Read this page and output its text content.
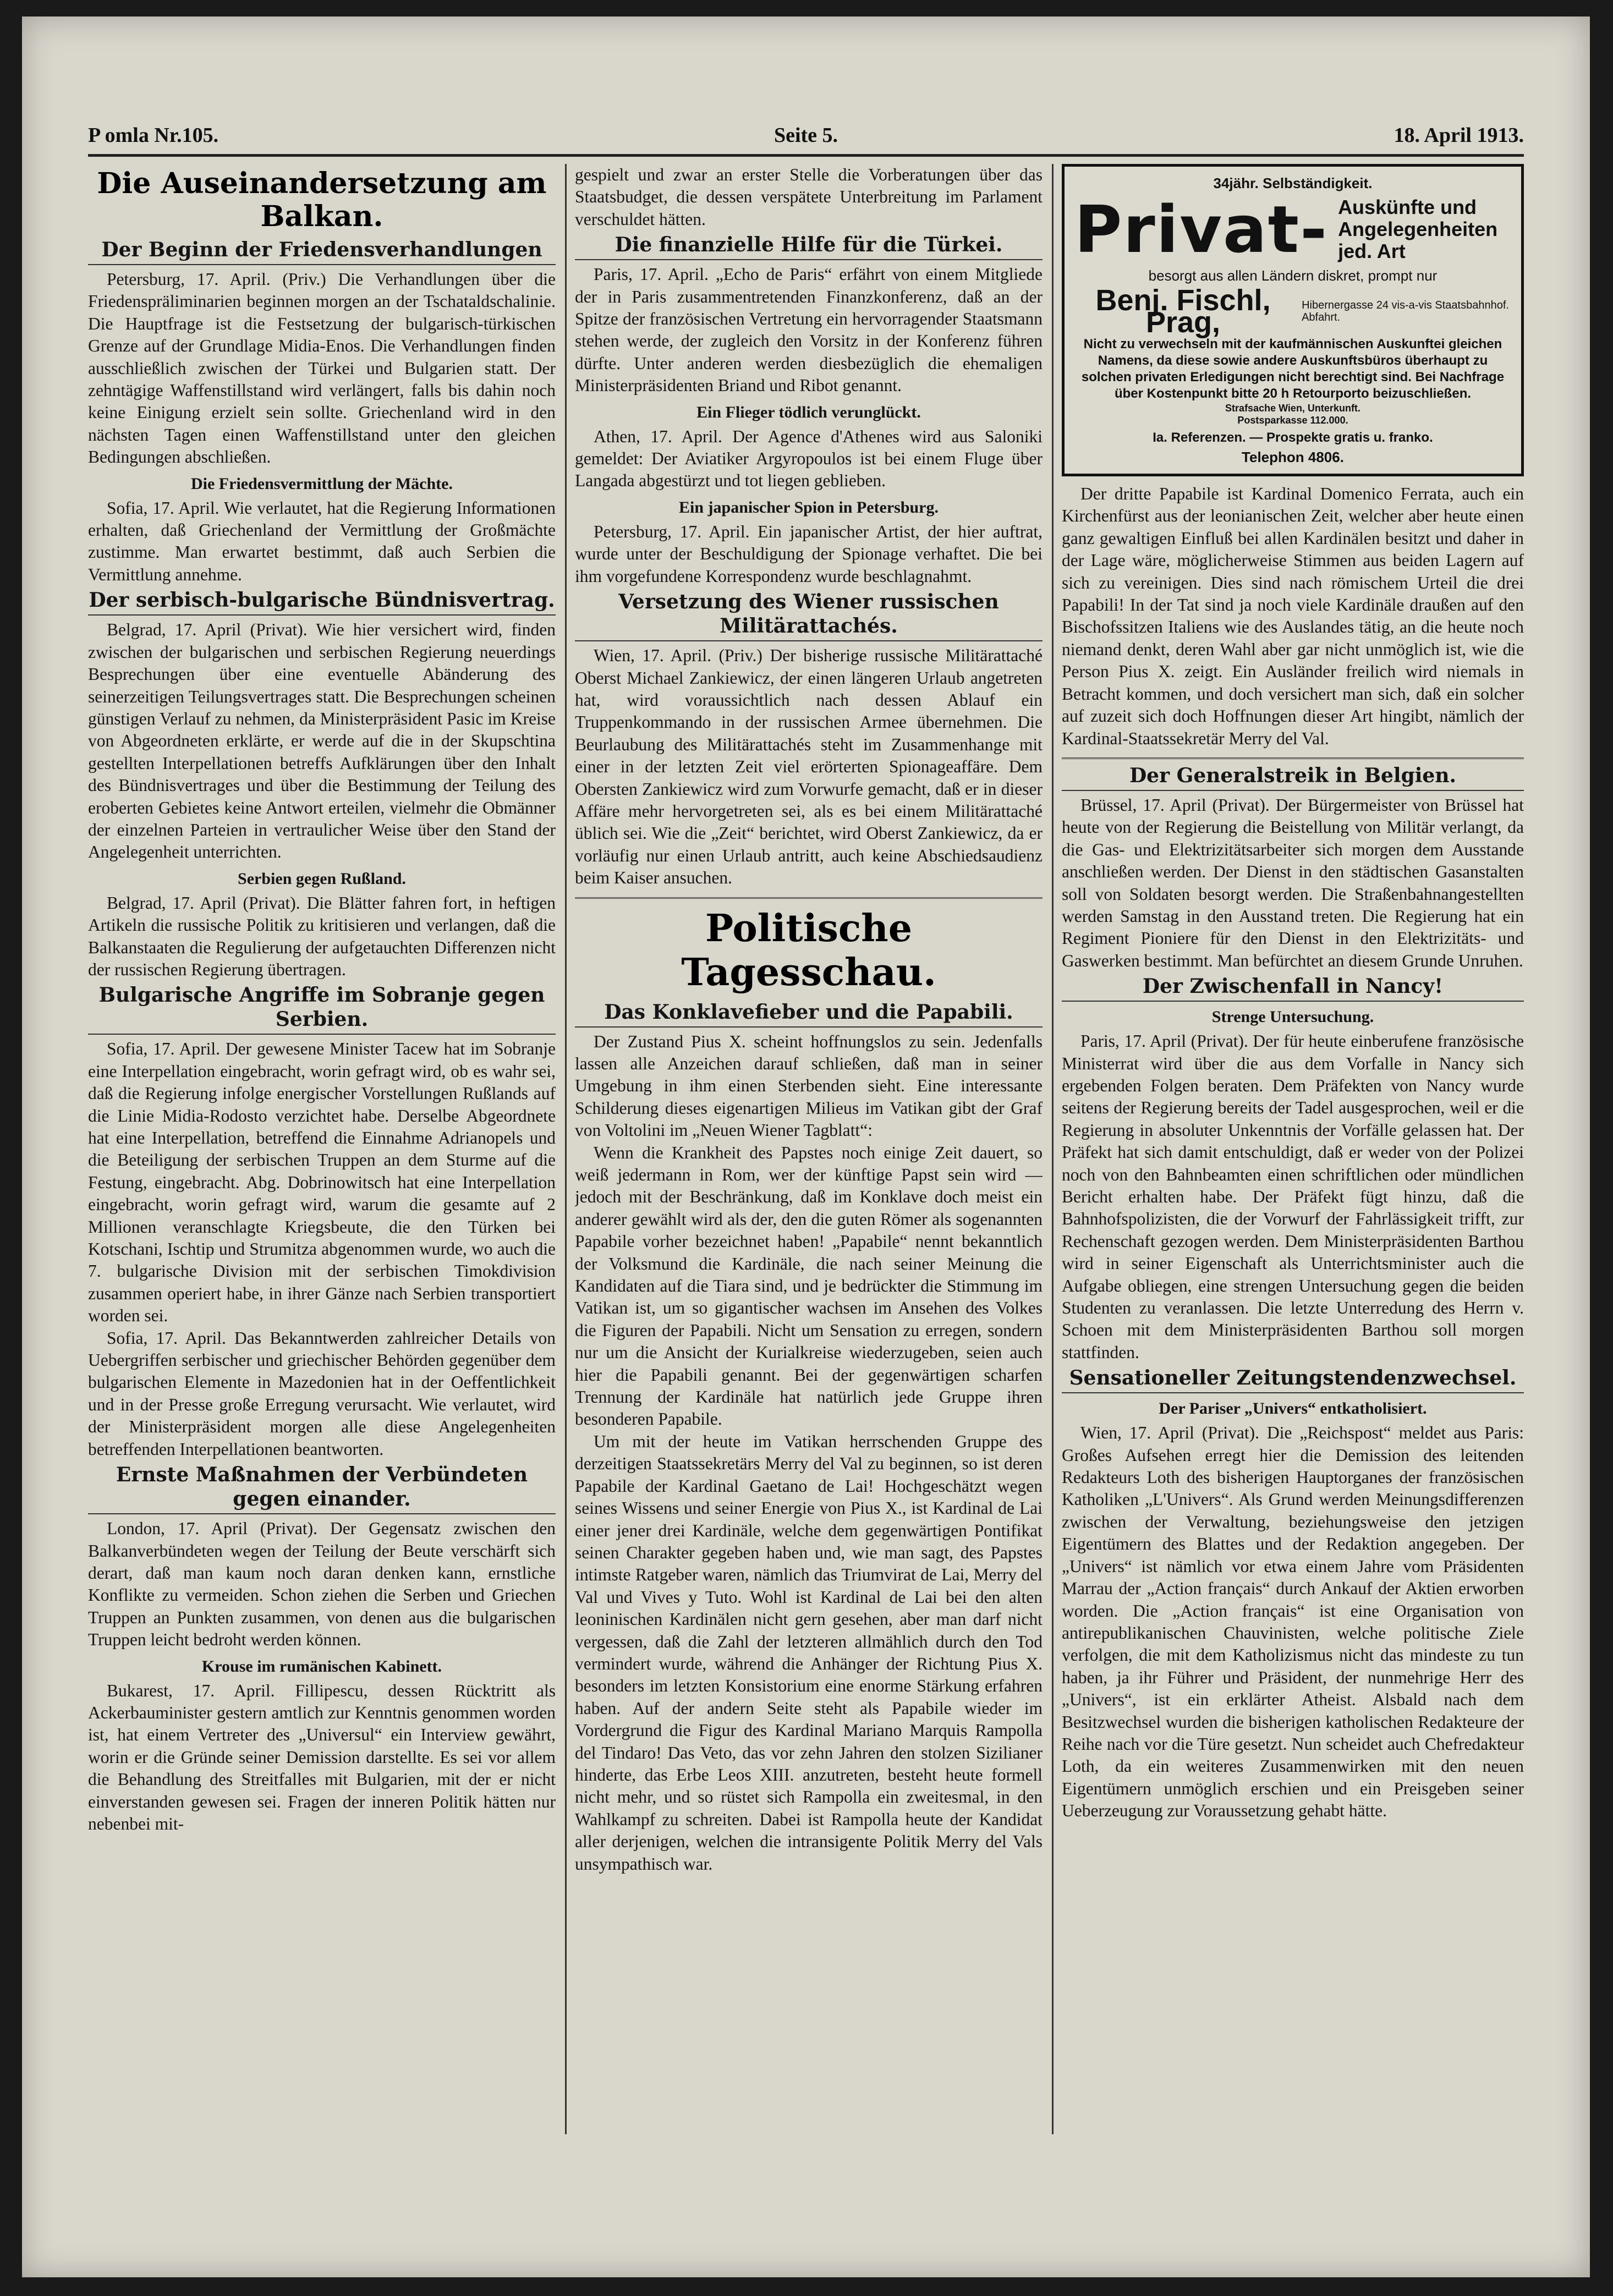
P omla Nr.105.	Seite 5.	18. April 1913.
Die Auseinandersetzung am Balkan.
Der Beginn der Friedensverhandlungen

Petersburg, 17. April. (Priv.) Die Verhandlungen über die Friedenspräliminarien beginnen morgen an der Tschataldschalinie. Die Hauptfrage ist die Festsetzung der bulgarisch-türkischen Grenze auf der Grundlage Midia-Enos. Die Verhandlungen finden ausschließlich zwischen der Türkei und Bulgarien statt. Der zehntägige Waffenstillstand wird verlängert, falls bis dahin noch keine Einigung erzielt sein sollte. Griechenland wird in den nächsten Tagen einen Waffenstillstand unter den gleichen Bedingungen abschließen.

Die Friedensvermittlung der Mächte.

Sofia, 17. April. Wie verlautet, hat die Regierung Informationen erhalten, daß Griechenland der Vermittlung der Großmächte zustimme. Man erwartet bestimmt, daß auch Serbien die Vermittlung annehme.

Der serbisch-bulgarische Bündnisvertrag.

Belgrad, 17. April (Privat). Wie hier versichert wird, finden zwischen der bulgarischen und serbischen Regierung neuerdings Besprechungen über eine eventuelle Abänderung des seinerzeitigen Teilungsvertrages statt. Die Besprechungen scheinen günstigen Verlauf zu nehmen, da Ministerpräsident Pasic im Kreise von Abgeordneten erklärte, er werde auf die in der Skupschtina gestellten Interpellationen betreffs Aufklärungen über den Inhalt des Bündnisvertrages und über die Bestimmung der Teilung des eroberten Gebietes keine Antwort erteilen, vielmehr die Obmänner der einzelnen Parteien in vertraulicher Weise über den Stand der Angelegenheit unterrichten.

Serbien gegen Rußland.

Belgrad, 17. April (Privat). Die Blätter fahren fort, in heftigen Artikeln die russische Politik zu kritisieren und verlangen, daß die Balkanstaaten die Regulierung der aufgetauchten Differenzen nicht der russischen Regierung übertragen.

Bulgarische Angriffe im Sobranje gegen Serbien.

Sofia, 17. April. Der gewesene Minister Tacew hat im Sobranje eine Interpellation eingebracht, worin gefragt wird, ob es wahr sei, daß die Regierung infolge energischer Vorstellungen Rußlands auf die Linie Midia-Rodosto verzichtet habe. Derselbe Abgeordnete hat eine Interpellation, betreffend die Einnahme Adrianopels und die Beteiligung der serbischen Truppen an dem Sturme auf die Festung, eingebracht. Abg. Dobrinowitsch hat eine Interpellation eingebracht, worin gefragt wird, warum die gesamte auf 2 Millionen veranschlagte Kriegsbeute, die den Türken bei Kotschani, Ischtip und Strumitza abgenommen wurde, wo auch die 7. bulgarische Division mit der serbischen Timokdivision zusammen operiert habe, in ihrer Gänze nach Serbien transportiert worden sei.

Sofia, 17. April. Das Bekanntwerden zahlreicher Details von Uebergriffen serbischer und griechischer Behörden gegenüber dem bulgarischen Elemente in Mazedonien hat in der Oeffentlichkeit und in der Presse große Erregung verursacht. Wie verlautet, wird der Ministerpräsident morgen alle diese Angelegenheiten betreffenden Interpellationen beantworten.

Ernste Maßnahmen der Verbündeten gegen einander.

London, 17. April (Privat). Der Gegensatz zwischen den Balkanverbündeten wegen der Teilung der Beute verschärft sich derart, daß man kaum noch daran denken kann, ernstliche Konflikte zu vermeiden. Schon ziehen die Serben und Griechen Truppen an Punkten zusammen, von denen aus die bulgarischen Truppen leicht bedroht werden können.

Krouse im rumänischen Kabinett.

Bukarest, 17. April. Fillipescu, dessen Rücktritt als Ackerbauminister gestern amtlich zur Kenntnis genommen worden ist, hat einem Vertreter des „Universul“ ein Interview gewährt, worin er die Gründe seiner Demission darstellte. Es sei vor allem die Behandlung des Streitfalles mit Bulgarien, mit der er nicht einverstanden gewesen sei. Fragen der inneren Politik hätten nur nebenbei mit-

gespielt und zwar an erster Stelle die Vorberatungen über das Staatsbudget, die dessen verspätete Unterbreitung im Parlament verschuldet hätten.

Die finanzielle Hilfe für die Türkei.

Paris, 17. April. „Echo de Paris“ erfährt von einem Mitgliede der in Paris zusammentretenden Finanzkonferenz, daß an der Spitze der französischen Vertretung ein hervorragender Staatsmann stehen werde, der zugleich den Vorsitz in der Konferenz führen dürfte. Unter anderen werden diesbezüglich die ehemaligen Ministerpräsidenten Briand und Ribot genannt.

Ein Flieger tödlich verunglückt.

Athen, 17. April. Der Agence d'Athenes wird aus Saloniki gemeldet: Der Aviatiker Argyropoulos ist bei einem Fluge über Langada abgestürzt und tot liegen geblieben.

Ein japanischer Spion in Petersburg.

Petersburg, 17. April. Ein japanischer Artist, der hier auftrat, wurde unter der Beschuldigung der Spionage verhaftet. Die bei ihm vorgefundene Korrespondenz wurde beschlagnahmt.

Versetzung des Wiener russischen Militärattachés.

Wien, 17. April. (Priv.) Der bisherige russische Militärattaché Oberst Michael Zankiewicz, der einen längeren Urlaub angetreten hat, wird voraussichtlich nach dessen Ablauf ein Truppenkommando in der russischen Armee übernehmen. Die Beurlaubung des Militärattachés steht im Zusammenhange mit einer in der letzten Zeit viel erörterten Spionageaffäre. Dem Obersten Zankiewicz wird zum Vorwurfe gemacht, daß er in dieser Affäre mehr hervorgetreten sei, als es bei einem Militärattaché üblich sei. Wie die „Zeit“ berichtet, wird Oberst Zankiewicz, da er vorläufig nur einen Urlaub antritt, auch keine Abschiedsaudienz beim Kaiser ansuchen.

Politische Tagesschau.
Das Konklavefieber und die Papabili.

Der Zustand Pius X. scheint hoffnungslos zu sein. Jedenfalls lassen alle Anzeichen darauf schließen, daß man in seiner Umgebung in ihm einen Sterbenden sieht. Eine interessante Schilderung dieses eigenartigen Milieus im Vatikan gibt der Graf von Voltolini im „Neuen Wiener Tagblatt“:

Wenn die Krankheit des Papstes noch einige Zeit dauert, so weiß jedermann in Rom, wer der künftige Papst sein wird — jedoch mit der Beschränkung, daß im Konklave doch meist ein anderer gewählt wird als der, den die guten Römer als sogenannten Papabile vorher bezeichnet haben! „Papabile“ nennt bekanntlich der Volksmund die Kardinäle, die nach seiner Meinung die Kandidaten auf die Tiara sind, und je bedrückter die Stimmung im Vatikan ist, um so gigantischer wachsen im Ansehen des Volkes die Figuren der Papabili. Nicht um Sensation zu erregen, sondern nur um die Ansicht der Kurialkreise wiederzugeben, seien auch hier die Papabili genannt. Bei der gegenwärtigen scharfen Trennung der Kardinäle hat natürlich jede Gruppe ihren besonderen Papabile.

Um mit der heute im Vatikan herrschenden Gruppe des derzeitigen Staatssekretärs Merry del Val zu beginnen, so ist deren Papabile der Kardinal Gaetano de Lai! Hochgeschätzt wegen seines Wissens und seiner Energie von Pius X., ist Kardinal de Lai einer jener drei Kardinäle, welche dem gegenwärtigen Pontifikat seinen Charakter gegeben haben und, wie man sagt, des Papstes intimste Ratgeber waren, nämlich das Triumvirat de Lai, Merry del Val und Vives y Tuto. Wohl ist Kardinal de Lai bei den alten leoninischen Kardinälen nicht gern gesehen, aber man darf nicht vergessen, daß die Zahl der letzteren allmählich durch den Tod vermindert wurde, während die Anhänger der Richtung Pius X. besonders im letzten Konsistorium eine enorme Stärkung erfahren haben. Auf der andern Seite steht als Papabile wieder im Vordergrund die Figur des Kardinal Mariano Marquis Rampolla del Tindaro! Das Veto, das vor zehn Jahren den stolzen Sizilianer hinderte, das Erbe Leos XIII. anzutreten, besteht heute formell nicht mehr, und so rüstet sich Rampolla ein zweitesmal, in den Wahlkampf zu schreiten. Dabei ist Rampolla heute der Kandidat aller derjenigen, welchen die intransigente Politik Merry del Vals unsympathisch war.

34jähr. Selbständigkeit.
Privat- Auskünfte und Angelegenheiten jed. Art
besorgt aus allen Ländern diskret, prompt nur
Benj. Fischl, Prag,
Hibernergasse 24 vis-a-vis Staatsbahnhof. Abfahrt.
Nicht zu verwechseln mit der kaufmännischen Auskunftei gleichen Namens, da diese sowie andere Auskunftsbüros überhaupt zu solchen privaten Erledigungen nicht berechtigt sind. Bei Nachfrage über Kostenpunkt bitte 20 h Retourporto beizuschließen.
Strafsache Wien, Unterkunft.
Postsparkasse 112.000.
Ia. Referenzen. — Prospekte gratis u. franko.
Telephon 4806.

Der dritte Papabile ist Kardinal Domenico Ferrata, auch ein Kirchenfürst aus der leonianischen Zeit, welcher aber heute einen ganz gewaltigen Einfluß bei allen Kardinälen besitzt und daher in der Lage wäre, möglicherweise Stimmen aus beiden Lagern auf sich zu vereinigen. Dies sind nach römischem Urteil die drei Papabili! In der Tat sind ja noch viele Kardinäle draußen auf den Bischofssitzen Italiens wie des Auslandes tätig, an die heute noch niemand denkt, deren Wahl aber gar nicht unmöglich ist, wie die Person Pius X. zeigt. Ein Ausländer freilich wird niemals in Betracht kommen, und doch versichert man sich, daß ein solcher auf zuzeit sich doch Hoffnungen dieser Art hingibt, nämlich der Kardinal-Staatssekretär Merry del Val.

Der Generalstreik in Belgien.

Brüssel, 17. April (Privat). Der Bürgermeister von Brüssel hat heute von der Regierung die Beistellung von Militär verlangt, da die Gas- und Elektrizitätsarbeiter sich morgen dem Ausstande anschließen werden. Der Dienst in den städtischen Gasanstalten soll von Soldaten besorgt werden. Die Straßenbahnangestellten werden Samstag in den Ausstand treten. Die Regierung hat ein Regiment Pioniere für den Dienst in den Elektrizitäts- und Gaswerken bestimmt. Man befürchtet an diesem Grunde Unruhen.

Der Zwischenfall in Nancy!
Strenge Untersuchung.

Paris, 17. April (Privat). Der für heute einberufene französische Ministerrat wird über die aus dem Vorfalle in Nancy sich ergebenden Folgen beraten. Dem Präfekten von Nancy wurde seitens der Regierung bereits der Tadel ausgesprochen, weil er die Regierung in absoluter Unkenntnis der Vorfälle gelassen hat. Der Präfekt hat sich damit entschuldigt, daß er weder von der Polizei noch von den Bahnbeamten einen schriftlichen oder mündlichen Bericht erhalten habe. Der Präfekt fügt hinzu, daß die Bahnhofspolizisten, die der Vorwurf der Fahrlässigkeit trifft, zur Rechenschaft gezogen werden. Dem Ministerpräsidenten Barthou wird in seiner Eigenschaft als Unterrichtsminister auch die Aufgabe obliegen, eine strengen Untersuchung gegen die beiden Studenten zu veranlassen. Die letzte Unterredung des Herrn v. Schoen mit dem Ministerpräsidenten Barthou soll morgen stattfinden.

Sensationeller Zeitungstendenzwechsel.
Der Pariser „Univers“ entkatholisiert.

Wien, 17. April (Privat). Die „Reichspost“ meldet aus Paris: Großes Aufsehen erregt hier die Demission des leitenden Redakteurs Loth des bisherigen Hauptorganes der französischen Katholiken „L'Univers“. Als Grund werden Meinungsdifferenzen zwischen der Verwaltung, beziehungsweise den jetzigen Eigentümern des Blattes und der Redaktion angegeben. Der „Univers“ ist nämlich vor etwa einem Jahre vom Präsidenten Marrau der „Action français“ durch Ankauf der Aktien erworben worden. Die „Action français“ ist eine Organisation von antirepublikanischen Chauvinisten, welche politische Ziele verfolgen, die mit dem Katholizismus nicht das mindeste zu tun haben, ja ihr Führer und Präsident, der nunmehrige Herr des „Univers“, ist ein erklärter Atheist. Alsbald nach dem Besitzwechsel wurden die bisherigen katholischen Redakteure der Reihe nach vor die Türe gesetzt. Nun scheidet auch Chefredakteur Loth, da ein weiteres Zusammenwirken mit den neuen Eigentümern unmöglich erschien und ein Preisgeben seiner Ueberzeugung zur Voraussetzung gehabt hätte.
